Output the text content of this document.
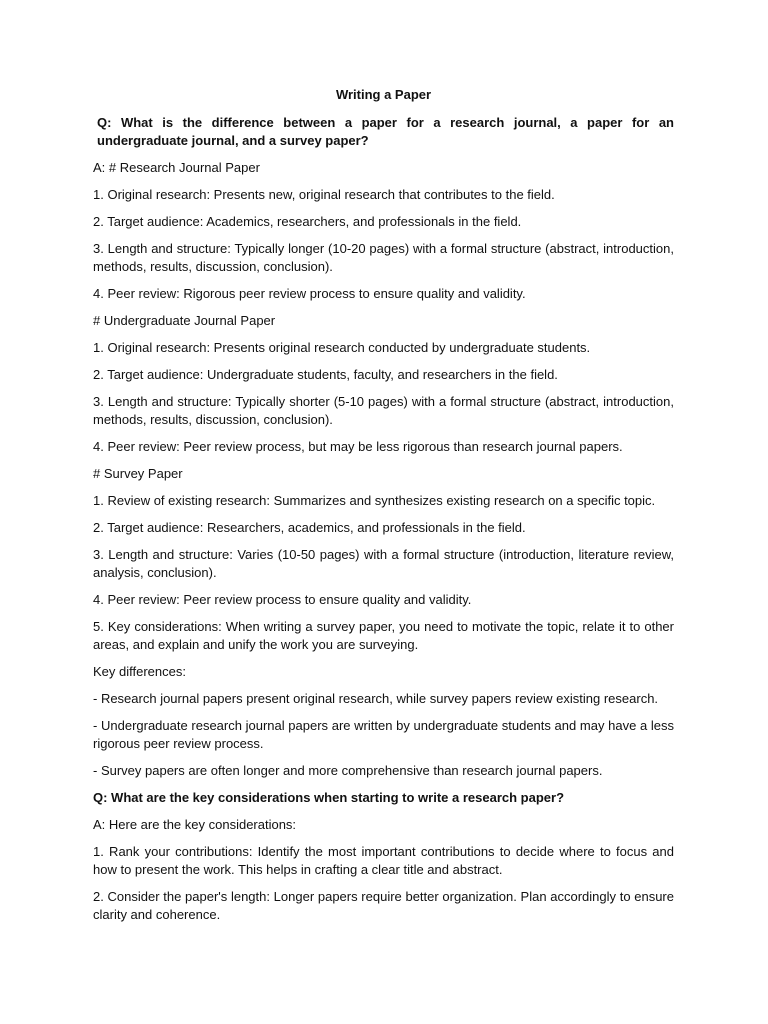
Writing a Paper
Q: What is the difference between a paper for a research journal, a paper for an undergraduate journal, and a survey paper?
A: # Research Journal Paper
1. Original research: Presents new, original research that contributes to the field.
2. Target audience: Academics, researchers, and professionals in the field.
3. Length and structure: Typically longer (10-20 pages) with a formal structure (abstract, introduction, methods, results, discussion, conclusion).
4. Peer review: Rigorous peer review process to ensure quality and validity.
# Undergraduate Journal Paper
1. Original research: Presents original research conducted by undergraduate students.
2. Target audience: Undergraduate students, faculty, and researchers in the field.
3. Length and structure: Typically shorter (5-10 pages) with a formal structure (abstract, introduction, methods, results, discussion, conclusion).
4. Peer review: Peer review process, but may be less rigorous than research journal papers.
# Survey Paper
1. Review of existing research: Summarizes and synthesizes existing research on a specific topic.
2. Target audience: Researchers, academics, and professionals in the field.
3. Length and structure: Varies (10-50 pages) with a formal structure (introduction, literature review, analysis, conclusion).
4. Peer review: Peer review process to ensure quality and validity.
5. Key considerations: When writing a survey paper, you need to motivate the topic, relate it to other areas, and explain and unify the work you are surveying.
Key differences:
- Research journal papers present original research, while survey papers review existing research.
- Undergraduate research journal papers are written by undergraduate students and may have a less rigorous peer review process.
- Survey papers are often longer and more comprehensive than research journal papers.
Q: What are the key considerations when starting to write a research paper?
A: Here are the key considerations:
1. Rank your contributions: Identify the most important contributions to decide where to focus and how to present the work. This helps in crafting a clear title and abstract.
2. Consider the paper's length: Longer papers require better organization. Plan accordingly to ensure clarity and coherence.
